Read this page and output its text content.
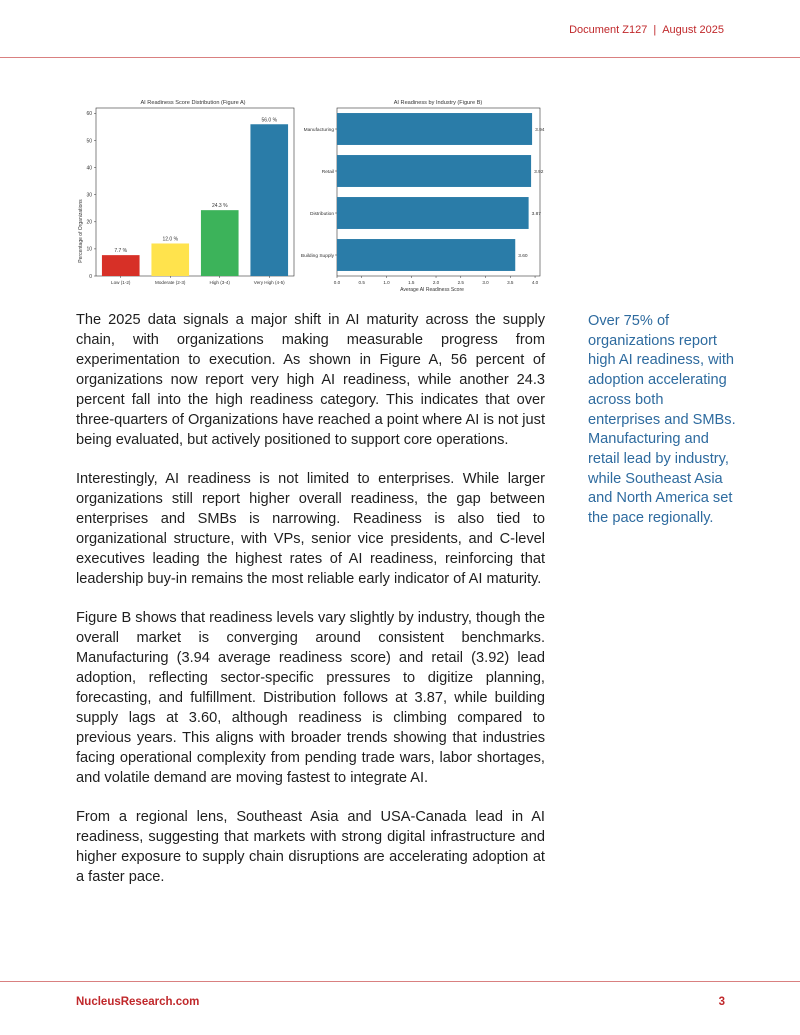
Document Z127 | August 2025
AI Readiness Score Distribution (Figure A)
Percentage of Organizations
0
10
20
30
40
50
60
7.7 %
Low (1-2)
12.0 %
Moderate (2-3)
24.3 %
High (3-4)
56.0 %
Very High (4-5)
AI Readiness by Industry (Figure B)
Average AI Readiness Score
0.0	0.5	1.0	1.5	2.0	2.5	3.0	3.5	4.0
3.94
Manufacturing
3.92
Retail
3.87
Distribution
3.60
Building Supply

The 2025 data signals a major shift in AI maturity across the supply chain, with organizations making measurable progress from experimentation to execution. As shown in Figure A, 56 percent of organizations now report very high AI readiness, while another 24.3 percent fall into the high readiness category. This indicates that over three-quarters of Organizations have reached a point where AI is not just being evaluated, but actively positioned to support core operations.

Interestingly, AI readiness is not limited to enterprises. While larger organizations still report higher overall readiness, the gap between enterprises and SMBs is narrowing. Readiness is also tied to organizational structure, with VPs, senior vice presidents, and C-level executives leading the highest rates of AI readiness, reinforcing that leadership buy-in remains the most reliable early indicator of AI maturity.

Figure B shows that readiness levels vary slightly by industry, though the overall market is converging around consistent benchmarks. Manufacturing (3.94 average readiness score) and retail (3.92) lead adoption, reflecting sector-specific pressures to digitize planning, forecasting, and fulfillment. Distribution follows at 3.87, while building supply lags at 3.60, although readiness is climbing compared to previous years. This aligns with broader trends showing that industries facing operational complexity from pending trade wars, labor shortages, and volatile demand are moving fastest to integrate AI.

From a regional lens, Southeast Asia and USA-Canada lead in AI readiness, suggesting that markets with strong digital infrastructure and higher exposure to supply chain disruptions are accelerating adoption at a faster pace.

Over 75% of organizations report high AI readiness, with adoption accelerating across both enterprises and SMBs. Manufacturing and retail lead by industry, while Southeast Asia and North America set the pace regionally.
NucleusResearch.com	3
